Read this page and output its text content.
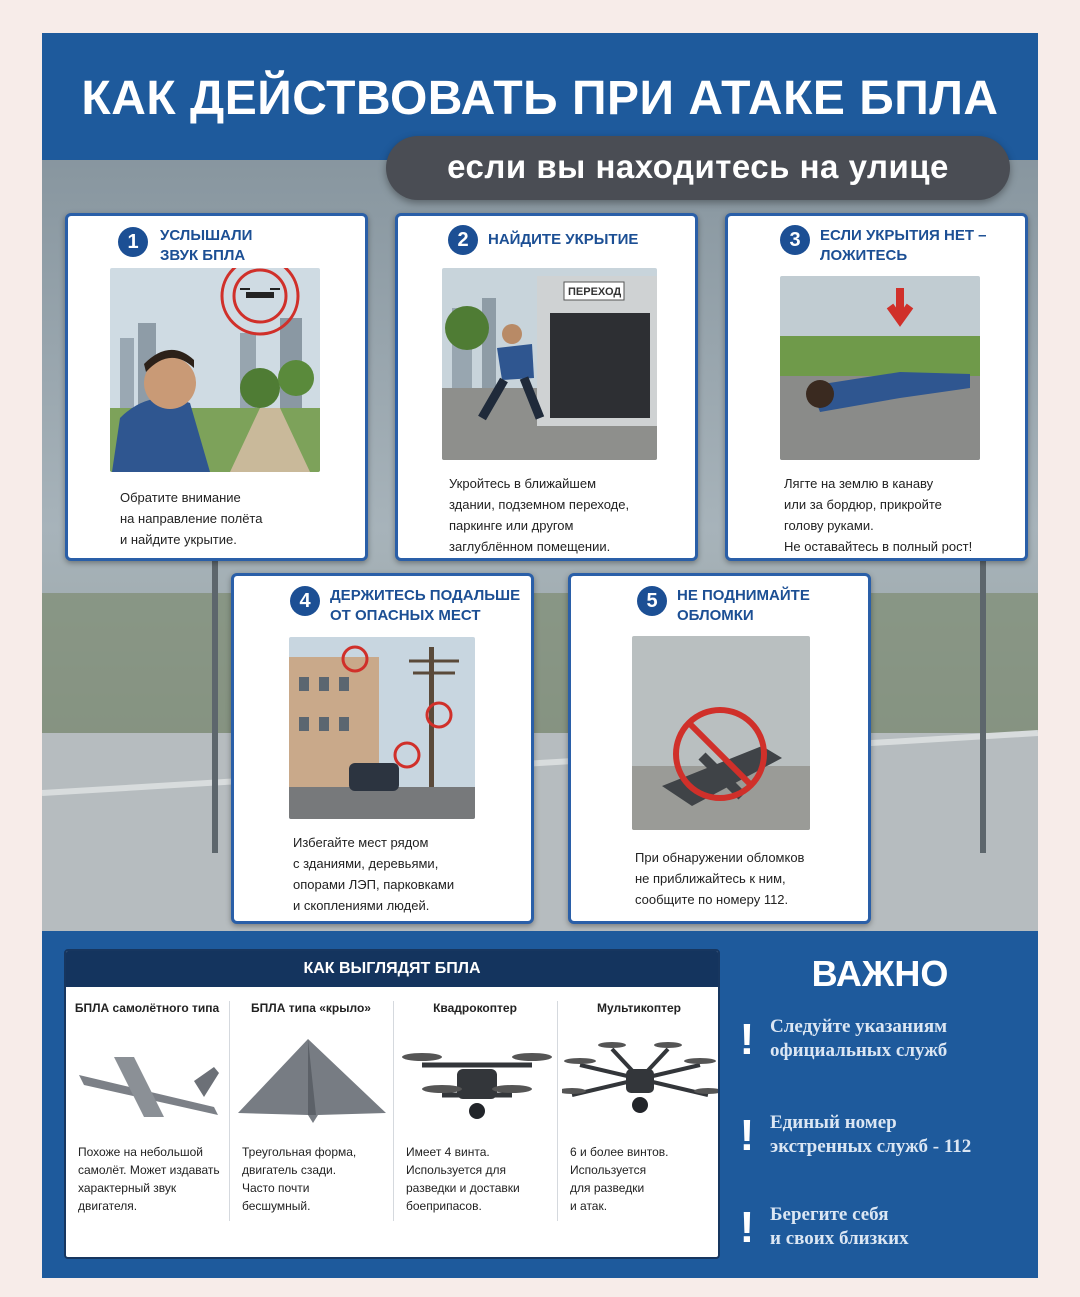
КАК ДЕЙСТВОВАТЬ ПРИ АТАКЕ БПЛА
если вы находитесь на улице
1	УСЛЫШАЛИ
ЗВУК БПЛА
Обратите внимание
на направление полёта
и найдите укрытие.
2	НАЙДИТЕ УКРЫТИЕ
ПЕРЕХОД
Укройтесь в ближайшем
здании, подземном переходе,
паркинге или другом
заглублённом помещении.
3	ЕСЛИ УКРЫТИЯ НЕТ –
ЛОЖИТЕСЬ
Лягте на землю в канаву
или за бордюр, прикройте
голову руками.
Не оставайтесь в полный рост!
4	ДЕРЖИТЕСЬ ПОДАЛЬШЕ
ОТ ОПАСНЫХ МЕСТ
Избегайте мест рядом
с зданиями, деревьями,
опорами ЛЭП, парковками
и скоплениями людей.
5	НЕ ПОДНИМАЙТЕ
ОБЛОМКИ
При обнаружении обломков
не приближайтесь к ним,
сообщите по номеру 112.
КАК ВЫГЛЯДЯТ БПЛА
БПЛА самолётного типа
Похоже на небольшой
самолёт. Может издавать
характерный звук
двигателя.
БПЛА типа «крыло»
Треугольная форма,
двигатель сзади.
Часто почти
бесшумный.
Квадрокоптер
Имеет 4 винта.
Используется для
разведки и доставки
боеприпасов.
Мультикоптер
6 и более винтов.
Используется
для разведки
и атак.
ВАЖНО
! Следуйте указаниям
официальных служб
! Единый номер
экстренных служб - 112
! Берегите себя
и своих близких
